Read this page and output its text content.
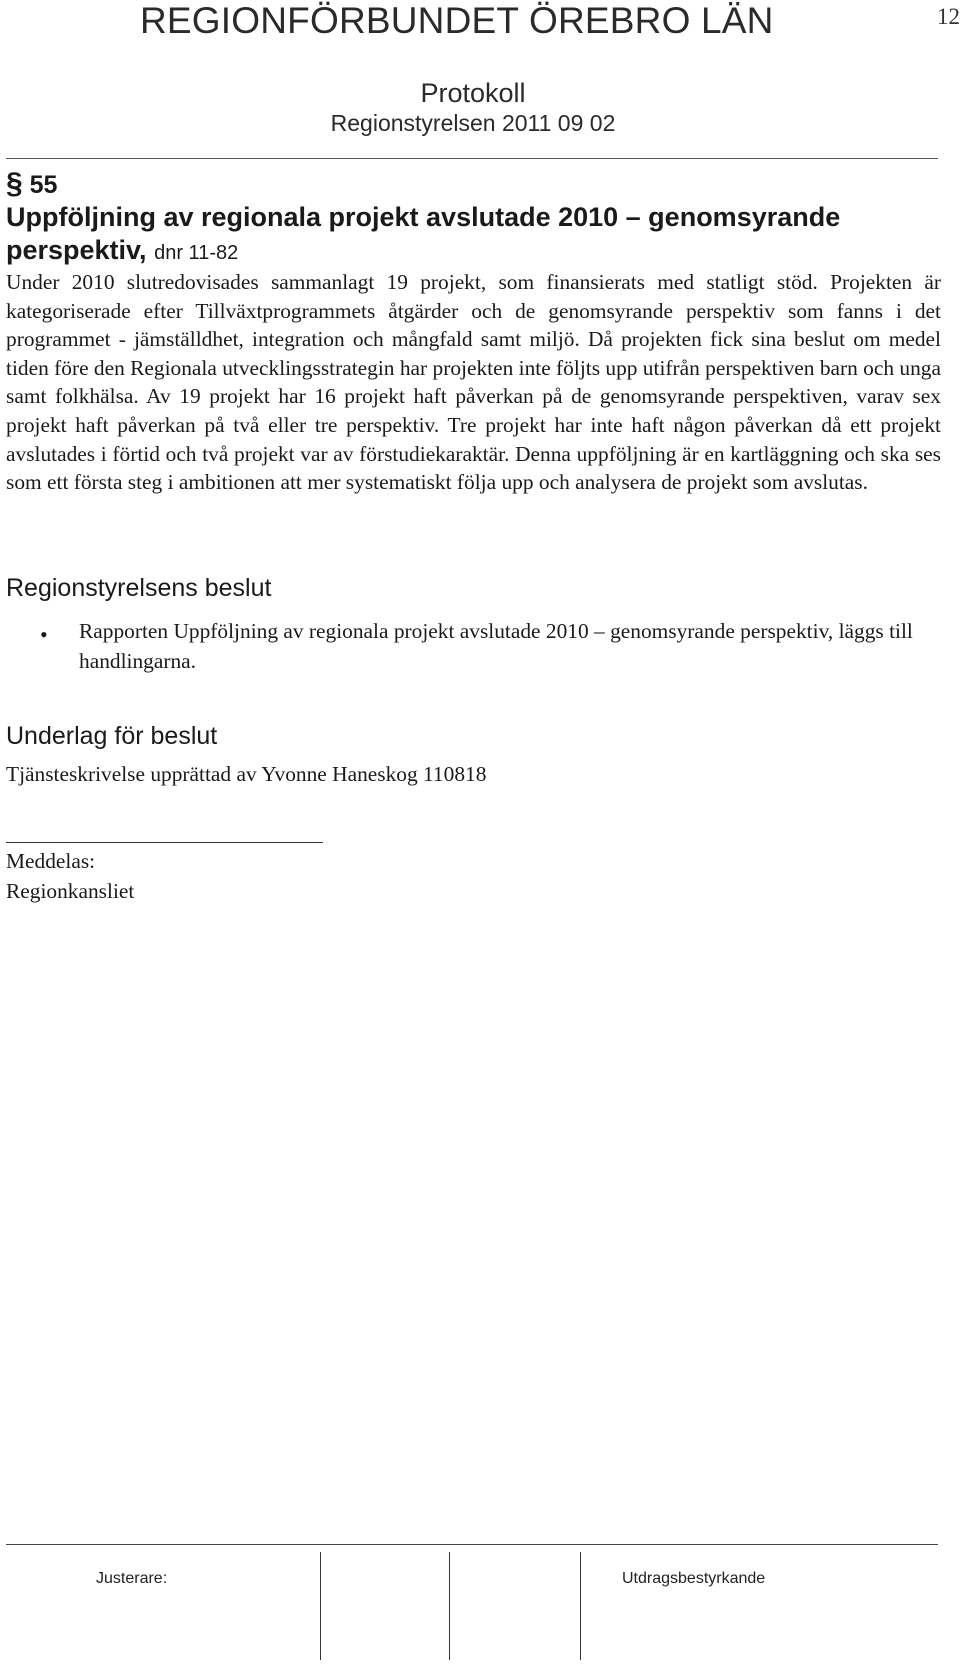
REGIONFÖRBUNDET ÖREBRO LÄN	12
Protokoll
Regionstyrelsen 2011 09 02
§ 55
Uppföljning av regionala projekt avslutade 2010 – genomsyrande perspektiv, dnr 11-82
Under 2010 slutredovisades sammanlagt 19 projekt, som finansierats med statligt stöd. Projekten är kategoriserade efter Tillväxtprogrammets åtgärder och de genomsyrande perspektiv som fanns i det programmet - jämställdhet, integration och mångfald samt miljö. Då projekten fick sina beslut om medel tiden före den Regionala utvecklingsstrategin har projekten inte följts upp utifrån perspektiven barn och unga samt folkhälsa. Av 19 projekt har 16 projekt haft påverkan på de genomsyrande perspektiven, varav sex projekt haft påverkan på två eller tre perspektiv. Tre projekt har inte haft någon påverkan då ett projekt avslutades i förtid och två projekt var av förstudiekaraktär. Denna uppföljning är en kartläggning och ska ses som ett första steg i ambitionen att mer systematiskt följa upp och analysera de projekt som avslutas.
Regionstyrelsens beslut
• Rapporten Uppföljning av regionala projekt avslutade 2010 – genomsyrande perspektiv, läggs till handlingarna.
Underlag för beslut
Tjänsteskrivelse upprättad av Yvonne Haneskog 110818
Meddelas:
Regionkansliet
Justerare:	Utdragsbestyrkande
